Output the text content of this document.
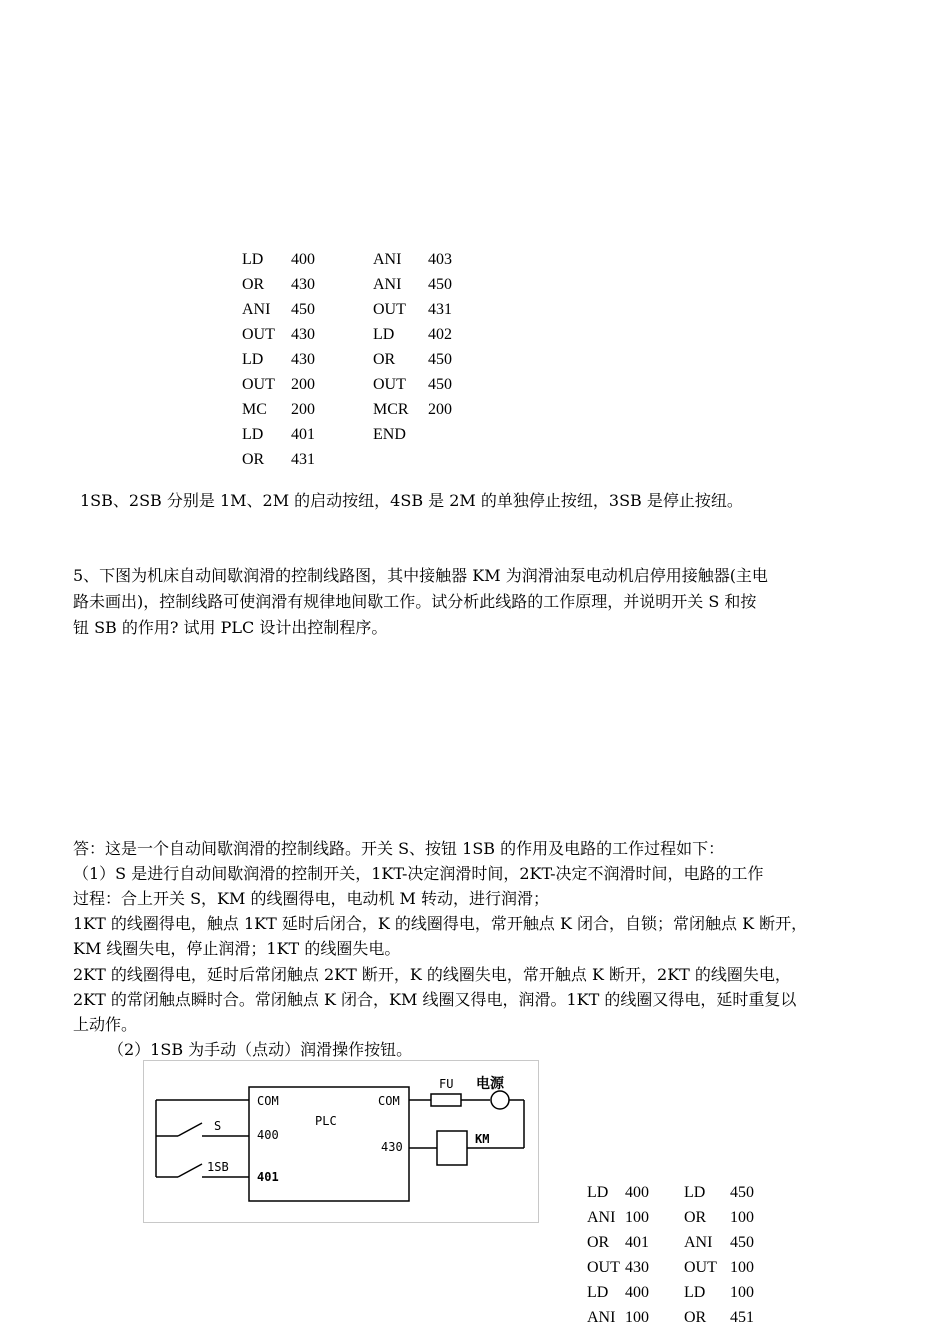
LD 400	ANI 403
OR 430	ANI 450
ANI 450	OUT 431
OUT 430	LD 402
LD 430	OR 450
OUT 200	OUT 450
MC 200	MCR 200
LD 401	END
OR 431
1SB、2SB 分别是 1M、2M 的启动按纽，4SB 是 2M 的单独停止按纽，3SB 是停止按纽。
5、下图为机床自动间歇润滑的控制线路图，其中接触器 KM 为润滑油泵电动机启停用接触器(主电
路未画出)，控制线路可使润滑有规律地间歇工作。试分析此线路的工作原理，并说明开关 S 和按
钮 SB 的作用? 试用 PLC 设计出控制程序。
答：这是一个自动间歇润滑的控制线路。开关 S、按钮 1SB 的作用及电路的工作过程如下：
（1）S 是进行自动间歇润滑的控制开关，1KT-决定润滑时间，2KT-决定不润滑时间，电路的工作
过程：合上开关 S，KM 的线圈得电，电动机 M 转动，进行润滑；
1KT 的线圈得电，触点 1KT 延时后闭合，K 的线圈得电，常开触点 K 闭合，自锁；常闭触点 K 断开，
KM 线圈失电，停止润滑；1KT 的线圈失电。
2KT 的线圈得电，延时后常闭触点 2KT 断开，K 的线圈失电，常开触点 K 断开，2KT 的线圈失电，
2KT 的常闭触点瞬时合。常闭触点 K 闭合，KM 线圈又得电，润滑。1KT 的线圈又得电，延时重复以
上动作。
（2）1SB 为手动（点动）润滑操作按钮。
COM	COM
PLC
400
401
430
S
1SB
FU 电源
KM
LD 400 LD 450
ANI 100 OR 100
OR 401 ANI 450
OUT 430 OUT 100
LD 400 LD 100
ANI 100 OR 451
